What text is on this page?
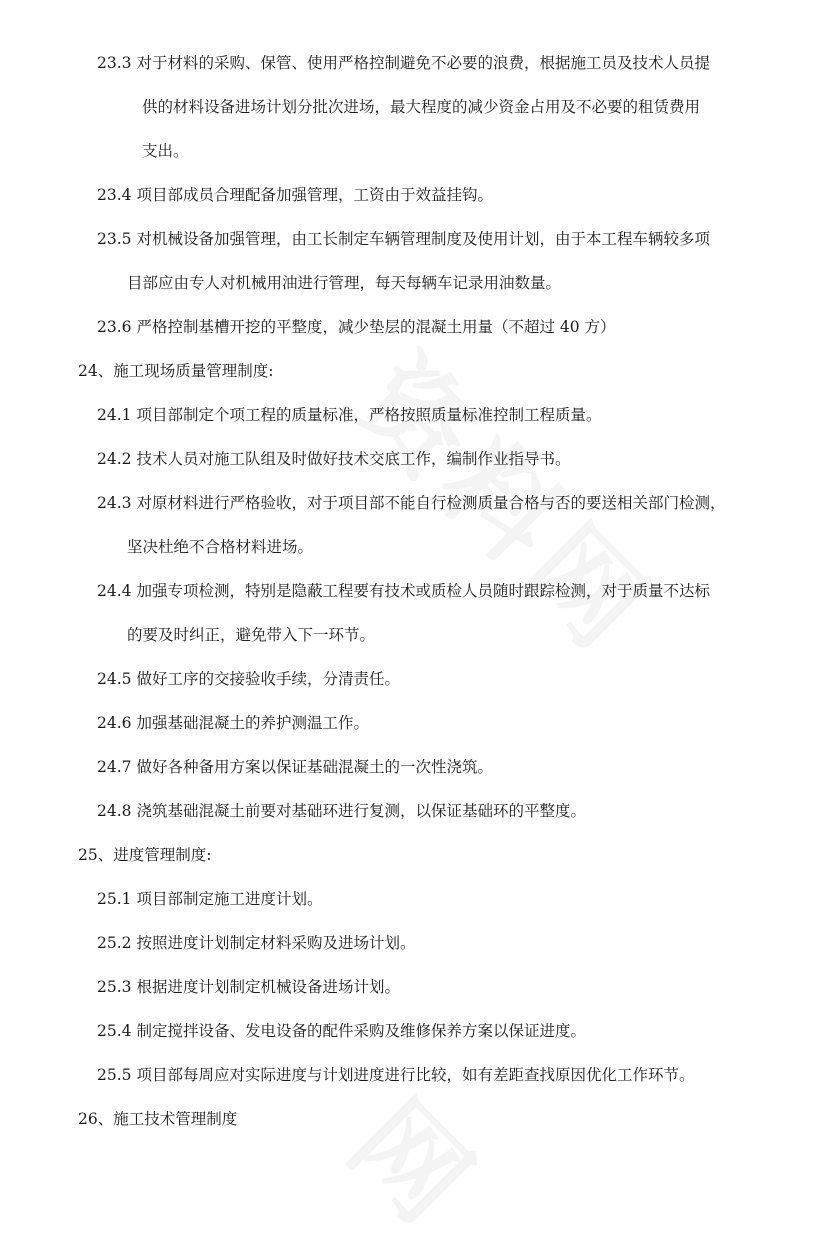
23.3 对于材料的采购、保管、使用严格控制避免不必要的浪费，根据施工员及技术人员提
供的材料设备进场计划分批次进场，最大程度的减少资金占用及不必要的租赁费用
支出。
23.4 项目部成员合理配备加强管理，工资由于效益挂钩。
23.5 对机械设备加强管理，由工长制定车辆管理制度及使用计划，由于本工程车辆较多项
目部应由专人对机械用油进行管理，每天每辆车记录用油数量。
23.6 严格控制基槽开挖的平整度，减少垫层的混凝土用量（不超过 40 方）
24、施工现场质量管理制度:
24.1 项目部制定个项工程的质量标准，严格按照质量标准控制工程质量。
24.2 技术人员对施工队组及时做好技术交底工作，编制作业指导书。
24.3 对原材料进行严格验收，对于项目部不能自行检测质量合格与否的要送相关部门检测，
坚决杜绝不合格材料进场。
24.4 加强专项检测，特别是隐蔽工程要有技术或质检人员随时跟踪检测，对于质量不达标
的要及时纠正，避免带入下一环节。
24.5 做好工序的交接验收手续，分清责任。
24.6 加强基础混凝土的养护测温工作。
24.7 做好各种备用方案以保证基础混凝土的一次性浇筑。
24.8 浇筑基础混凝土前要对基础环进行复测，以保证基础环的平整度。
25、进度管理制度:
25.1 项目部制定施工进度计划。
25.2 按照进度计划制定材料采购及进场计划。
25.3 根据进度计划制定机械设备进场计划。
25.4 制定搅拌设备、发电设备的配件采购及维修保养方案以保证进度。
25.5 项目部每周应对实际进度与计划进度进行比较，如有差距查找原因优化工作环节。
26、施工技术管理制度
